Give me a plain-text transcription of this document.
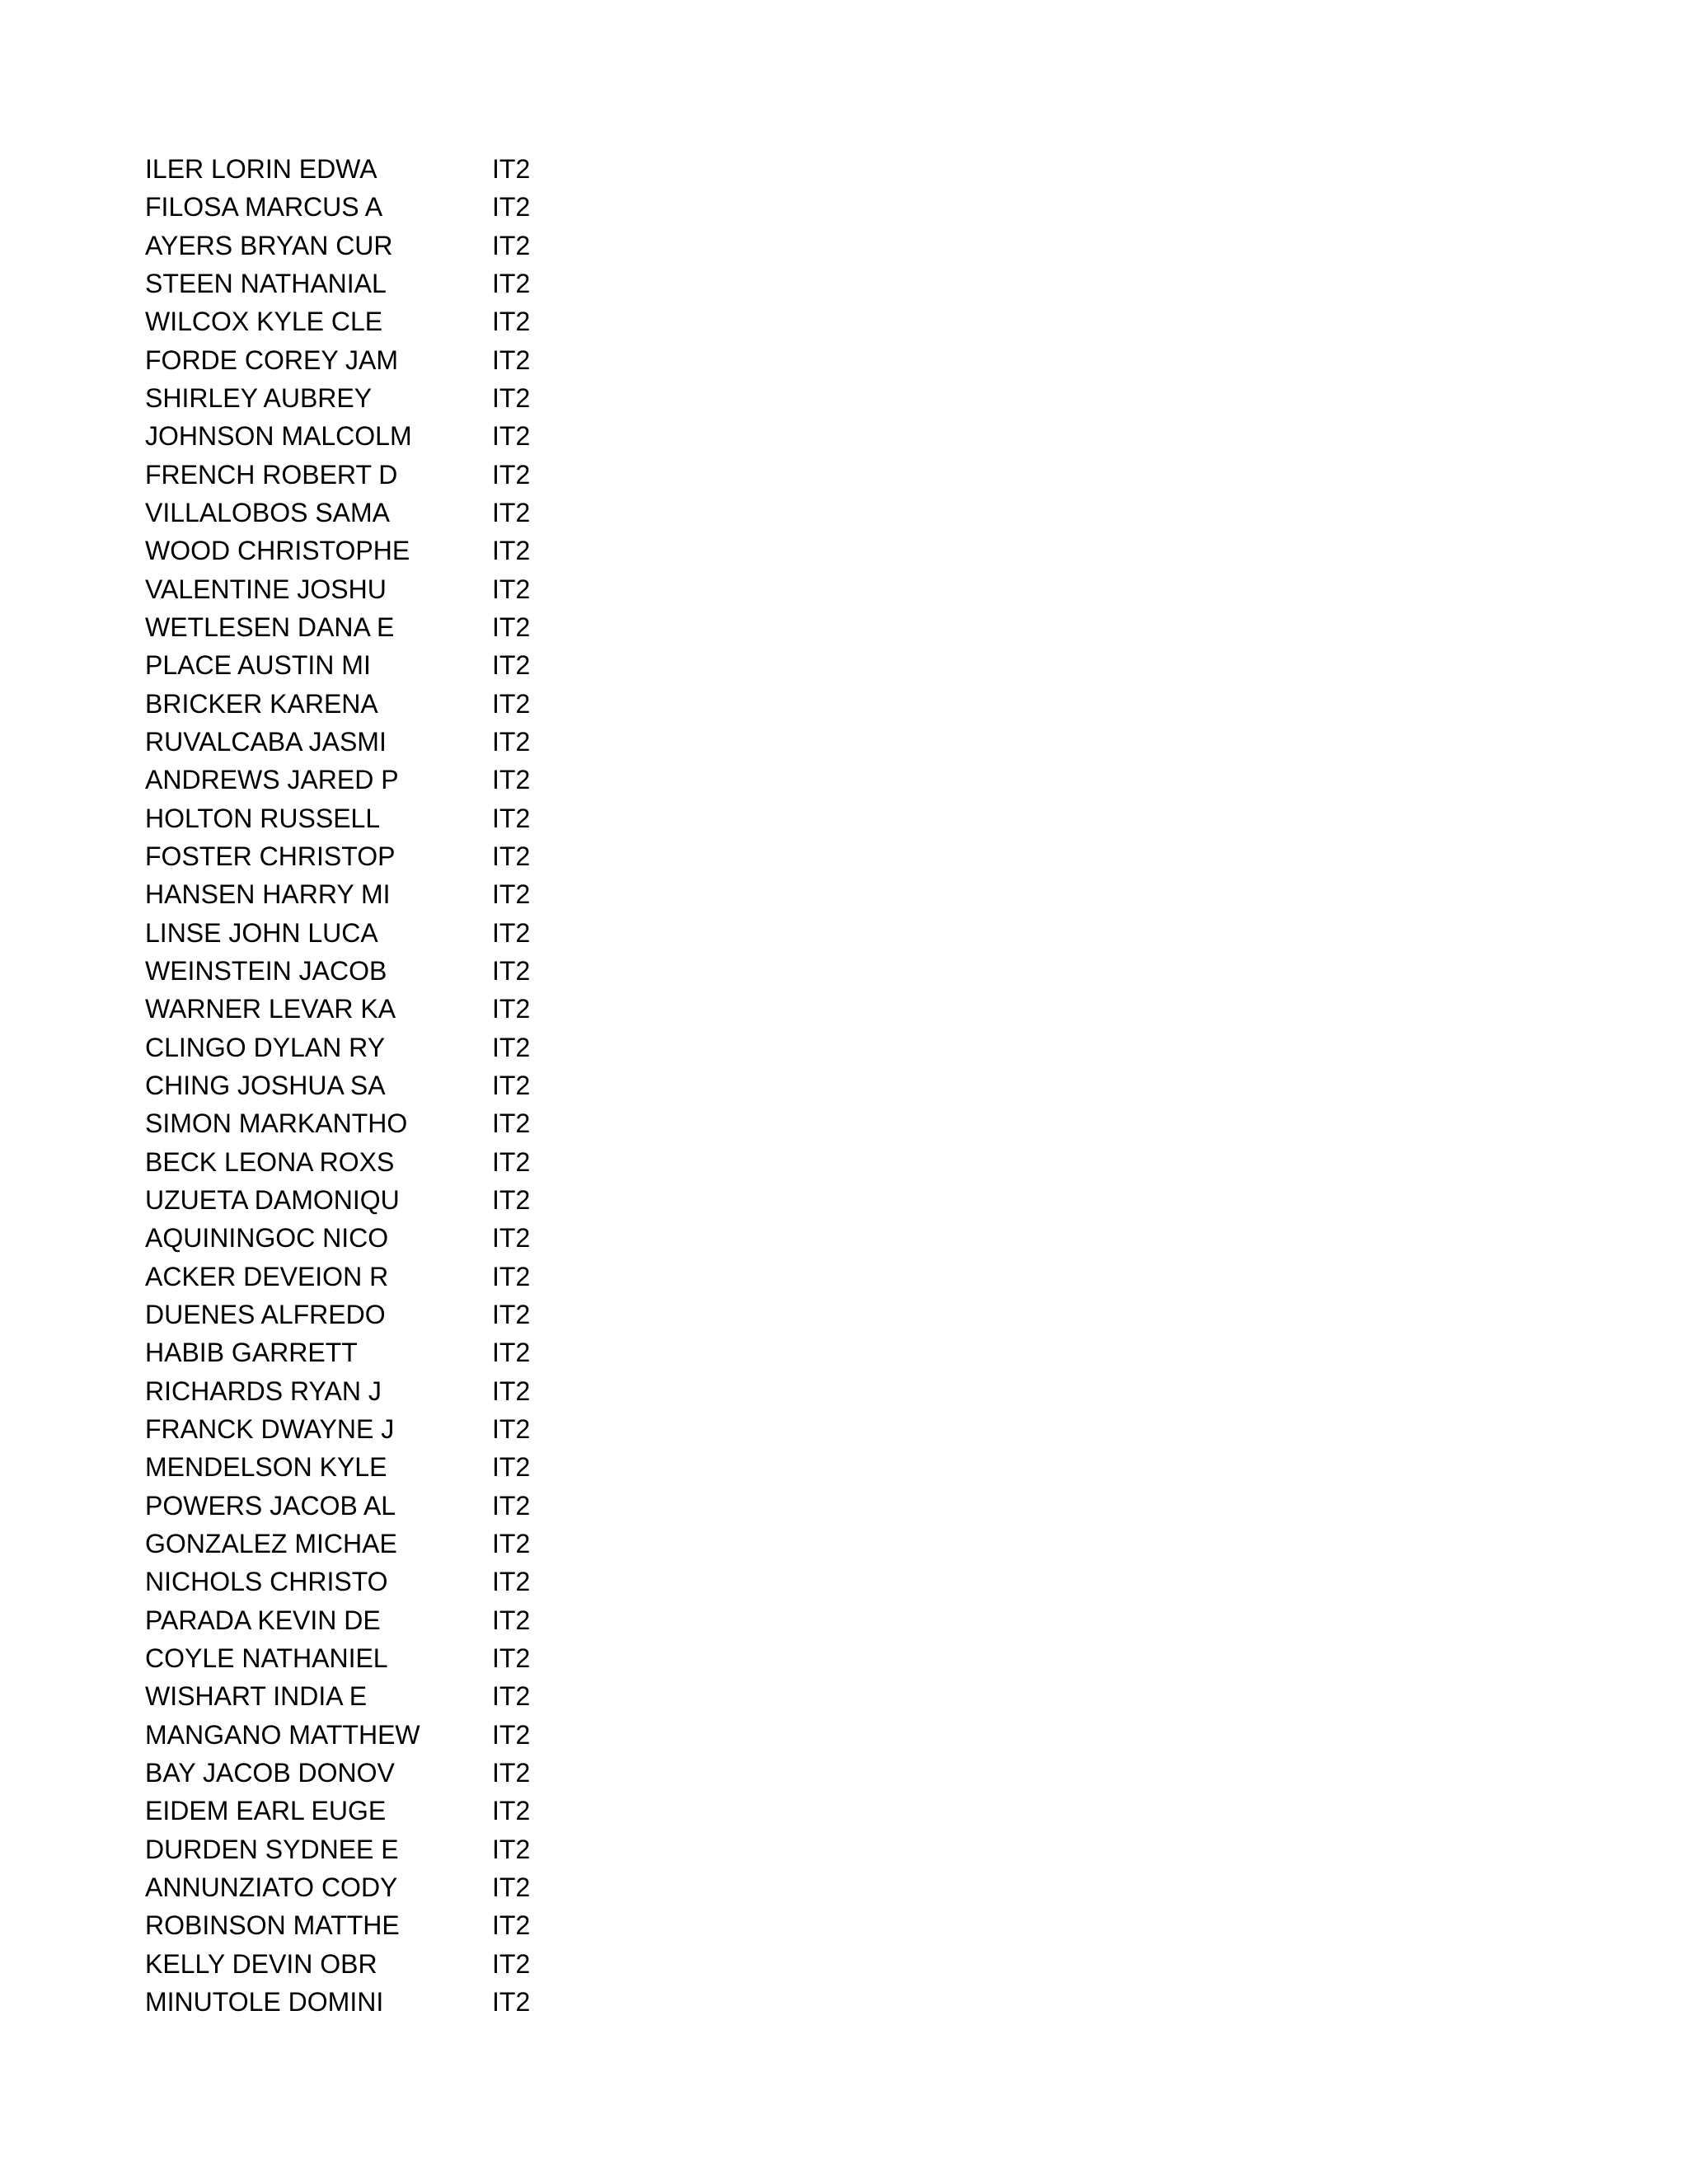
ILER LORIN EDWA	IT2
FILOSA MARCUS A	IT2
AYERS BRYAN CUR	IT2
STEEN NATHANIAL	IT2
WILCOX KYLE CLE	IT2
FORDE COREY JAM	IT2
SHIRLEY AUBREY	IT2
JOHNSON MALCOLM	IT2
FRENCH ROBERT D	IT2
VILLALOBOS SAMA	IT2
WOOD CHRISTOPHE	IT2
VALENTINE JOSHU	IT2
WETLESEN DANA E	IT2
PLACE AUSTIN MI	IT2
BRICKER KARENA	IT2
RUVALCABA JASMI	IT2
ANDREWS JARED P	IT2
HOLTON RUSSELL	IT2
FOSTER CHRISTOP	IT2
HANSEN HARRY MI	IT2
LINSE JOHN LUCA	IT2
WEINSTEIN JACOB	IT2
WARNER LEVAR KA	IT2
CLINGO DYLAN RY	IT2
CHING JOSHUA SA	IT2
SIMON MARKANTHO	IT2
BECK LEONA ROXS	IT2
UZUETA DAMONIQU	IT2
AQUININGOC NICO	IT2
ACKER DEVEION R	IT2
DUENES ALFREDO	IT2
HABIB GARRETT	IT2
RICHARDS RYAN J	IT2
FRANCK DWAYNE J	IT2
MENDELSON KYLE	IT2
POWERS JACOB AL	IT2
GONZALEZ MICHAE	IT2
NICHOLS CHRISTO	IT2
PARADA KEVIN DE	IT2
COYLE NATHANIEL	IT2
WISHART INDIA E	IT2
MANGANO MATTHEW	IT2
BAY JACOB DONOV	IT2
EIDEM EARL EUGE	IT2
DURDEN SYDNEE E	IT2
ANNUNZIATO CODY	IT2
ROBINSON MATTHE	IT2
KELLY DEVIN OBR	IT2
MINUTOLE DOMINI	IT2
